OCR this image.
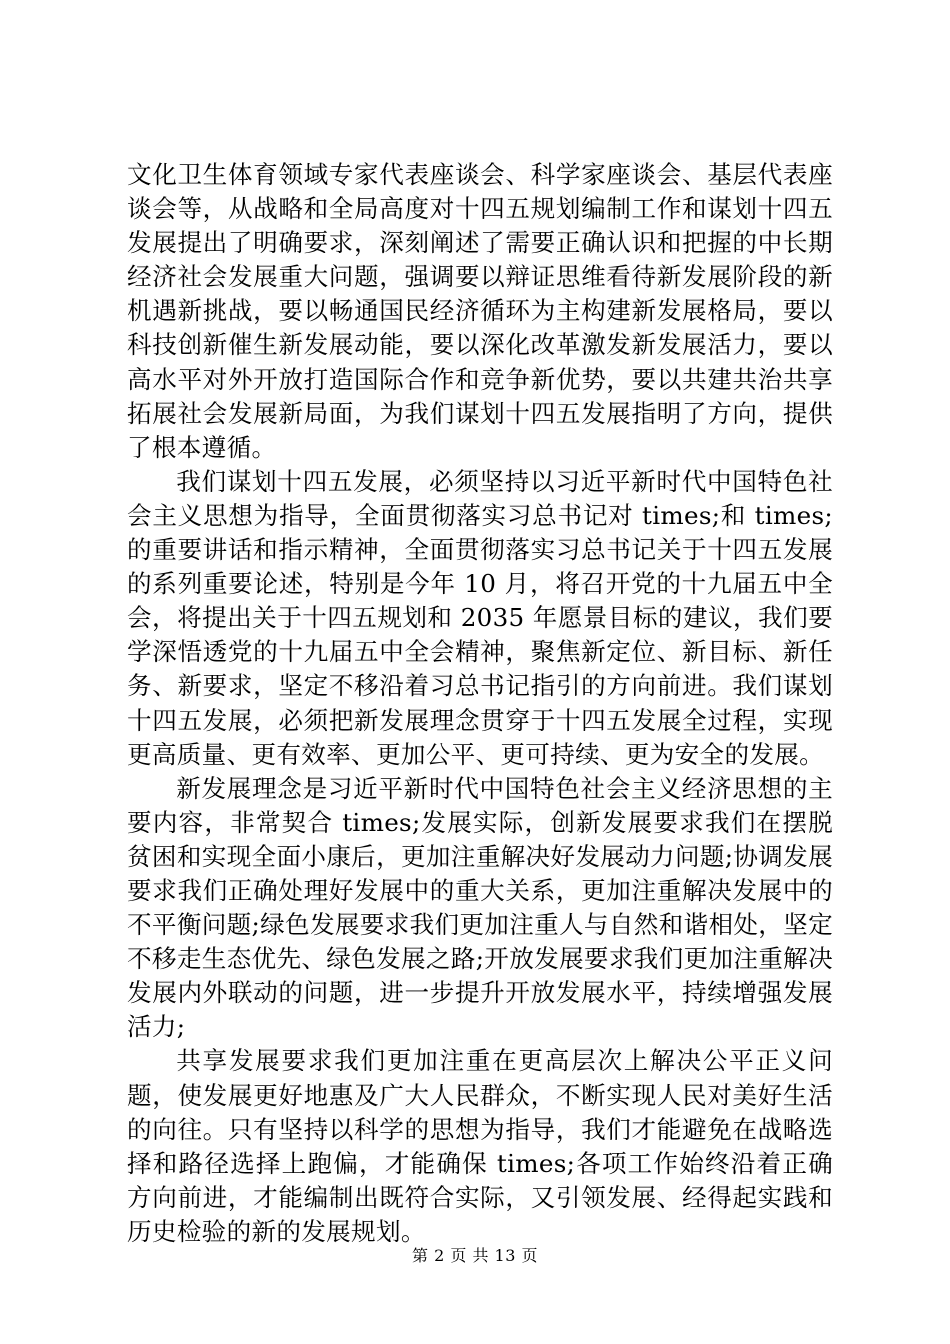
文化卫生体育领域专家代表座谈会、科学家座谈会、基层代表座谈会等，从战略和全局高度对十四五规划编制工作和谋划十四五发展提出了明确要求，深刻阐述了需要正确认识和把握的中长期经济社会发展重大问题，强调要以辩证思维看待新发展阶段的新机遇新挑战，要以畅通国民经济循环为主构建新发展格局，要以科技创新催生新发展动能，要以深化改革激发新发展活力，要以高水平对外开放打造国际合作和竞争新优势，要以共建共治共享拓展社会发展新局面，为我们谋划十四五发展指明了方向，提供了根本遵循。

我们谋划十四五发展，必须坚持以习近平新时代中国特色社会主义思想为指导，全面贯彻落实习总书记对 times;和 times;的重要讲话和指示精神，全面贯彻落实习总书记关于十四五发展的系列重要论述，特别是今年 10 月，将召开党的十九届五中全会，将提出关于十四五规划和 2035 年愿景目标的建议，我们要学深悟透党的十九届五中全会精神，聚焦新定位、新目标、新任务、新要求，坚定不移沿着习总书记指引的方向前进。我们谋划十四五发展，必须把新发展理念贯穿于十四五发展全过程，实现更高质量、更有效率、更加公平、更可持续、更为安全的发展。

新发展理念是习近平新时代中国特色社会主义经济思想的主要内容，非常契合 times;发展实际，创新发展要求我们在摆脱贫困和实现全面小康后，更加注重解决好发展动力问题;协调发展要求我们正确处理好发展中的重大关系，更加注重解决发展中的不平衡问题;绿色发展要求我们更加注重人与自然和谐相处，坚定不移走生态优先、绿色发展之路;开放发展要求我们更加注重解决发展内外联动的问题，进一步提升开放发展水平，持续增强发展活力;

共享发展要求我们更加注重在更高层次上解决公平正义问题，使发展更好地惠及广大人民群众，不断实现人民对美好生活的向往。只有坚持以科学的思想为指导，我们才能避免在战略选择和路径选择上跑偏，才能确保 times;各项工作始终沿着正确方向前进，才能编制出既符合实际，又引领发展、经得起实践和历史检验的新的发展规划。

第 2 页 共 13 页
